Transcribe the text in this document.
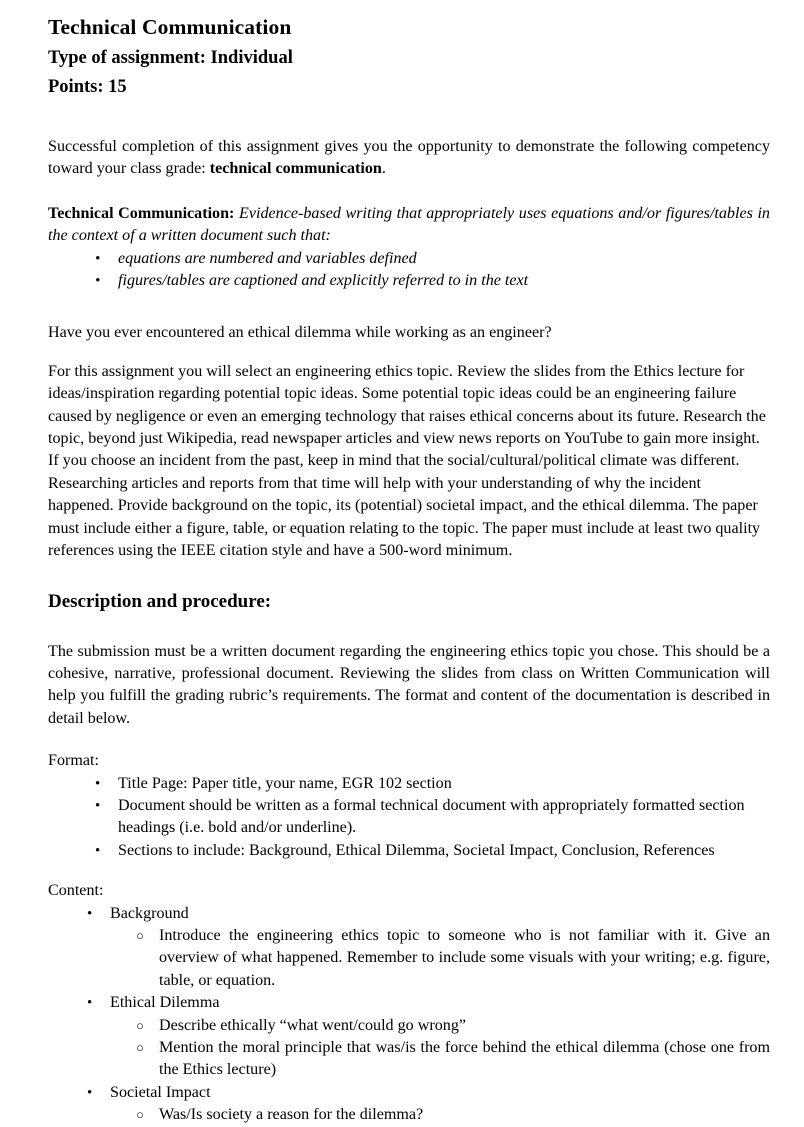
Technical Communication
Type of assignment: Individual
Points: 15

Successful completion of this assignment gives you the opportunity to demonstrate the following competency toward your class grade: technical communication.

Technical Communication: Evidence-based writing that appropriately uses equations and/or figures/tables in the context of a written document such that:

• equations are numbered and variables defined
• figures/tables are captioned and explicitly referred to in the text

Have you ever encountered an ethical dilemma while working as an engineer?

For this assignment you will select an engineering ethics topic. Review the slides from the Ethics lecture for ideas/inspiration regarding potential topic ideas. Some potential topic ideas could be an engineering failure caused by negligence or even an emerging technology that raises ethical concerns about its future. Research the topic, beyond just Wikipedia, read newspaper articles and view news reports on YouTube to gain more insight. If you choose an incident from the past, keep in mind that the social/cultural/political climate was different. Researching articles and reports from that time will help with your understanding of why the incident happened. Provide background on the topic, its (potential) societal impact, and the ethical dilemma. The paper must include either a figure, table, or equation relating to the topic. The paper must include at least two quality references using the IEEE citation style and have a 500-word minimum.

Description and procedure:

The submission must be a written document regarding the engineering ethics topic you chose. This should be a cohesive, narrative, professional document. Reviewing the slides from class on Written Communication will help you fulfill the grading rubric’s requirements. The format and content of the documentation is described in detail below.

Format:
• Title Page: Paper title, your name, EGR 102 section
• Document should be written as a formal technical document with appropriately formatted section headings (i.e. bold and/or underline).
• Sections to include: Background, Ethical Dilemma, Societal Impact, Conclusion, References
Content:
• Background
○ Introduce the engineering ethics topic to someone who is not familiar with it. Give an overview of what happened. Remember to include some visuals with your writing; e.g. figure, table, or equation.
• Ethical Dilemma
○ Describe ethically “what went/could go wrong”
○ Mention the moral principle that was/is the force behind the ethical dilemma (chose one from the Ethics lecture)
• Societal Impact
○ Was/Is society a reason for the dilemma?
